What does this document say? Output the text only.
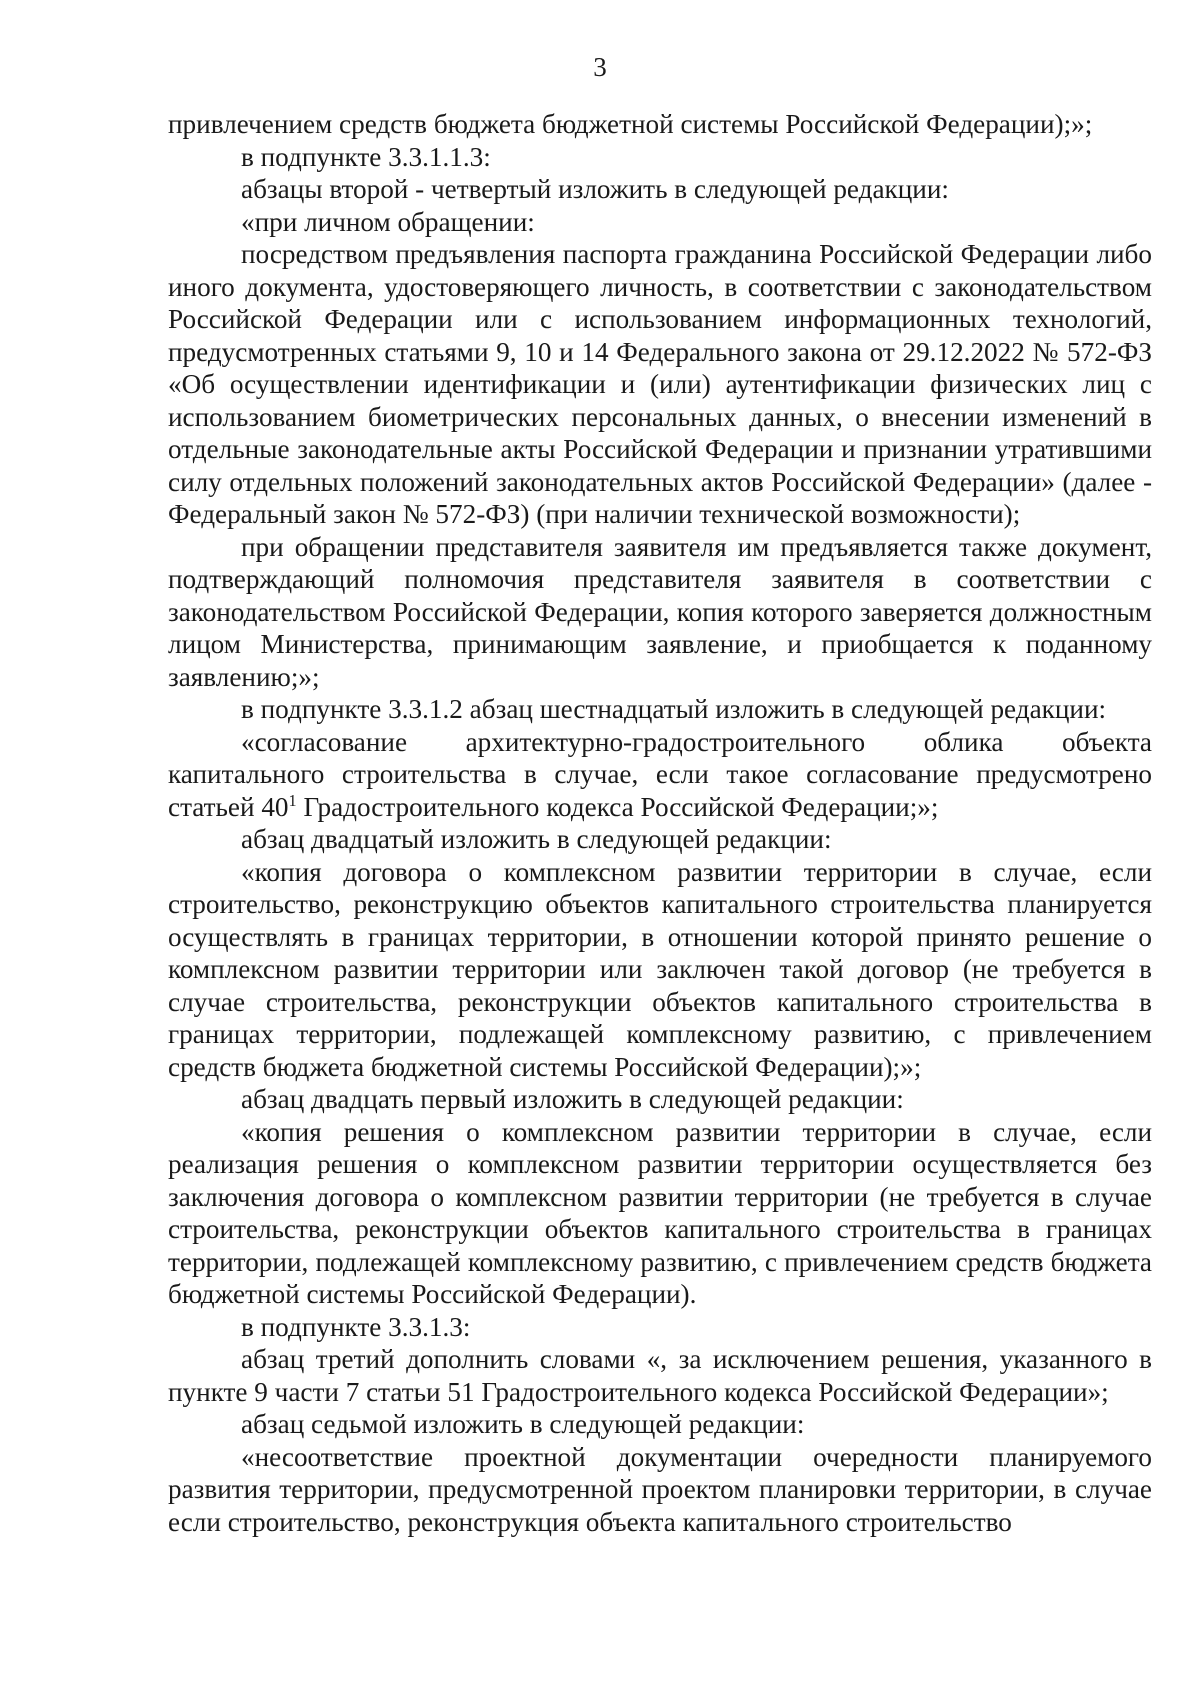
3

привлечением средств бюджета бюджетной системы Российской Федерации);»;

в подпункте 3.3.1.1.3:

абзацы второй - четвертый изложить в следующей редакции:

«при личном обращении:

посредством предъявления паспорта гражданина Российской Федерации либо иного документа, удостоверяющего личность, в соответствии с законодательством Российской Федерации или с использованием информационных технологий, предусмотренных статьями 9, 10 и 14 Федерального закона от 29.12.2022 № 572-ФЗ «Об осуществлении идентификации и (или) аутентификации физических лиц с использованием биометрических персональных данных, о внесении изменений в отдельные законодательные акты Российской Федерации и признании утратившими силу отдельных положений законодательных актов Российской Федерации» (далее - Федеральный закон № 572-ФЗ) (при наличии технической возможности);

при обращении представителя заявителя им предъявляется также документ, подтверждающий полномочия представителя заявителя в соответствии с законодательством Российской Федерации, копия которого заверяется должностным лицом Министерства, принимающим заявление, и приобщается к поданному заявлению;»;

в подпункте 3.3.1.2 абзац шестнадцатый изложить в следующей редакции:

«согласование архитектурно-градостроительного облика объекта капитального строительства в случае, если такое согласование предусмотрено статьей $40^1$ Градостроительного кодекса Российской Федерации;»;

абзац двадцатый изложить в следующей редакции:

«копия договора о комплексном развитии территории в случае, если строительство, реконструкцию объектов капитального строительства планируется осуществлять в границах территории, в отношении которой принято решение о комплексном развитии территории или заключен такой договор (не требуется в случае строительства, реконструкции объектов капитального строительства в границах территории, подлежащей комплексному развитию, с привлечением средств бюджета бюджетной системы Российской Федерации);»;

абзац двадцать первый изложить в следующей редакции:

«копия решения о комплексном развитии территории в случае, если реализация решения о комплексном развитии территории осуществляется без заключения договора о комплексном развитии территории (не требуется в случае строительства, реконструкции объектов капитального строительства в границах территории, подлежащей комплексному развитию, с привлечением средств бюджета бюджетной системы Российской Федерации).

в подпункте 3.3.1.3:

абзац третий дополнить словами «, за исключением решения, указанного в пункте 9 части 7 статьи 51 Градостроительного кодекса Российской Федерации»;

абзац седьмой изложить в следующей редакции:

«несоответствие проектной документации очередности планируемого развития территории, предусмотренной проектом планировки территории, в случае если строительство, реконструкция объекта капитального строительство
